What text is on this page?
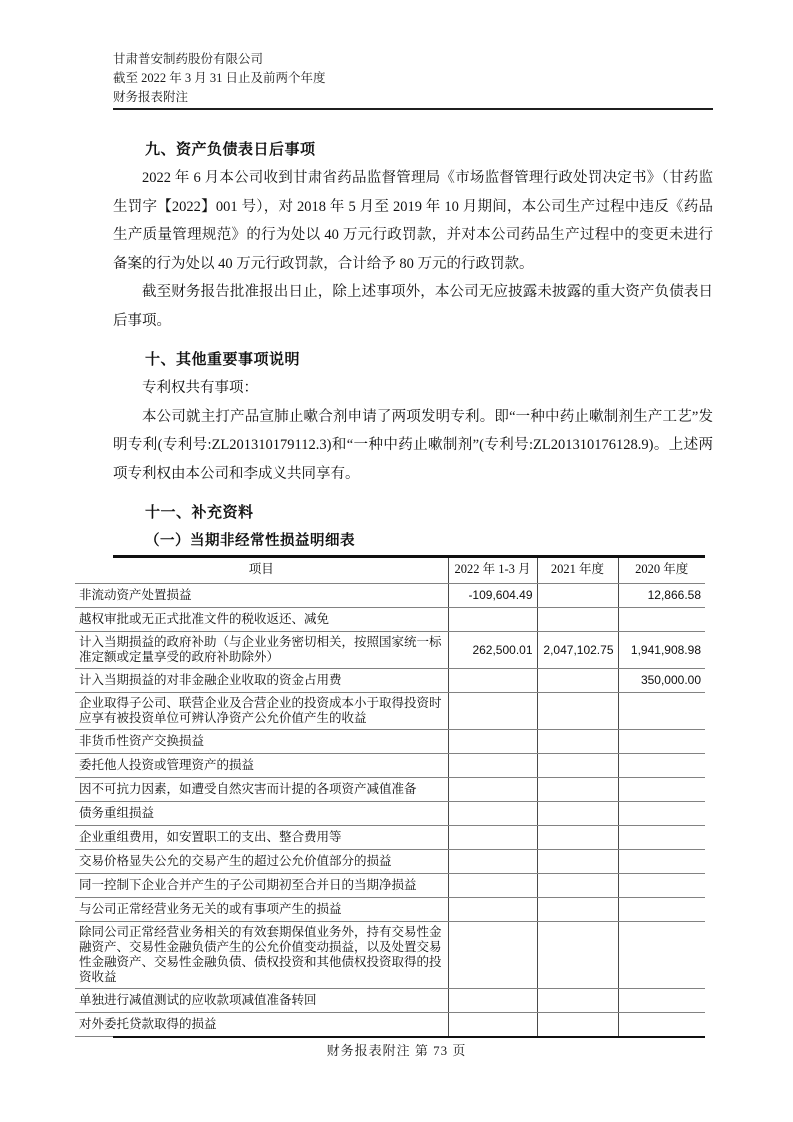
甘肃普安制药股份有限公司
截至 2022 年 3 月 31 日止及前两个年度
财务报表附注

九、资产负债表日后事项

2022 年 6 月本公司收到甘肃省药品监督管理局《市场监督管理行政处罚决定书》（甘药监生罚字【2022】001 号），对 2018 年 5 月至 2019 年 10 月期间，本公司生产过程中违反《药品生产质量管理规范》的行为处以 40 万元行政罚款，并对本公司药品生产过程中的变更未进行备案的行为处以 40 万元行政罚款，合计给予 80 万元的行政罚款。

截至财务报告批准报出日止，除上述事项外，本公司无应披露未披露的重大资产负债表日后事项。

十、其他重要事项说明

专利权共有事项：

本公司就主打产品宣肺止嗽合剂申请了两项发明专利。即“一种中药止嗽制剂生产工艺”发明专利(专利号:ZL201310179112.3)和“一种中药止嗽制剂”(专利号:ZL201310176128.9)。上述两项专利权由本公司和李成义共同享有。

十一、补充资料

（一）当期非经常性损益明细表

项目	2022 年 1-3 月	2021 年度	2020 年度
非流动资产处置损益	-109,604.49		12,866.58
越权审批或无正式批准文件的税收返还、减免			
计入当期损益的政府补助（与企业业务密切相关，按照国家统一标准定额或定量享受的政府补助除外）	262,500.01	2,047,102.75	1,941,908.98
计入当期损益的对非金融企业收取的资金占用费			350,000.00
企业取得子公司、联营企业及合营企业的投资成本小于取得投资时应享有被投资单位可辨认净资产公允价值产生的收益			
非货币性资产交换损益			
委托他人投资或管理资产的损益			
因不可抗力因素，如遭受自然灾害而计提的各项资产减值准备			
债务重组损益			
企业重组费用，如安置职工的支出、整合费用等			
交易价格显失公允的交易产生的超过公允价值部分的损益			
同一控制下企业合并产生的子公司期初至合并日的当期净损益			
与公司正常经营业务无关的或有事项产生的损益			
除同公司正常经营业务相关的有效套期保值业务外，持有交易性金融资产、交易性金融负债产生的公允价值变动损益，以及处置交易性金融资产、交易性金融负债、债权投资和其他债权投资取得的投资收益			
单独进行减值测试的应收款项减值准备转回			
对外委托贷款取得的损益			
财务报表附注 第 73 页
